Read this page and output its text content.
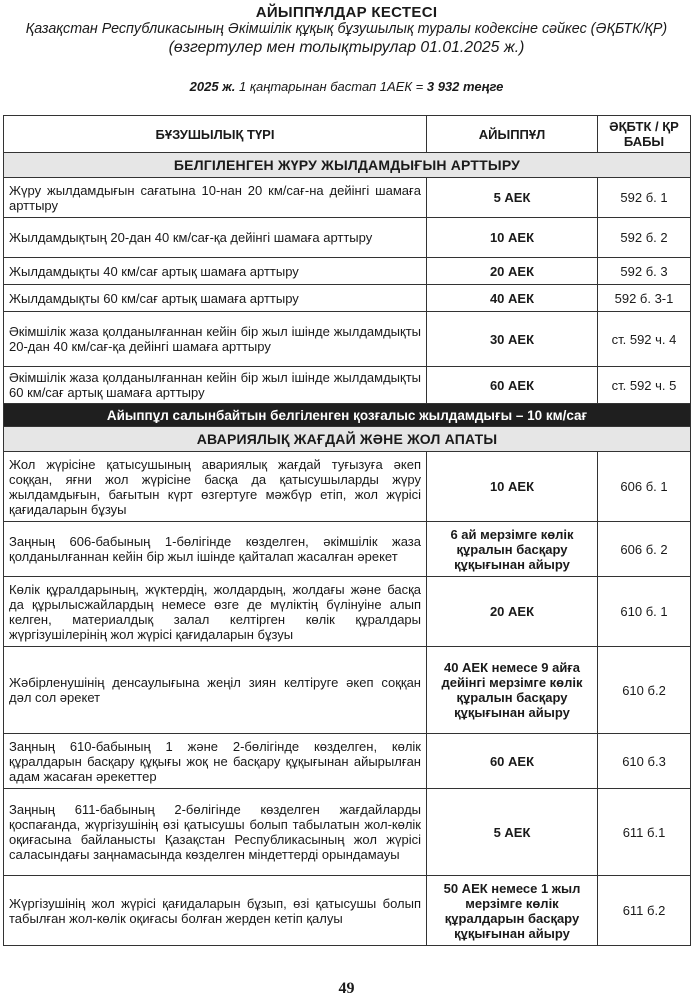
АЙЫППҰЛДАР КЕСТЕСІ
Қазақстан Республикасының Әкімшілік құқық бұзушылық туралы кодексіне сәйкес (ӘҚБТК/ҚР)
(өзгертулер мен толықтырулар 01.01.2025 ж.)
2025 ж. 1 қаңтарынан бастап 1АЕК = 3 932 теңге
БҰЗУШЫЛЫҚ ТҮРІ	АЙЫППҰЛ	ӘҚБТК / ҚР БАБЫ
БЕЛГІЛЕНГЕН ЖҮРУ ЖЫЛДАМДЫҒЫН АРТТЫРУ		
Жүру жылдамдығын сағатына 10-нан 20 км/сағ-на дейінгі шамаға арттыру	5 АЕК	592 б. 1
Жылдамдықтың 20-дан 40 км/сағ-қа дейінгі шамаға арттыру	10 АЕК	592 б. 2
Жылдамдықты 40 км/сағ артық шамаға арттыру	20 АЕК	592 б. 3
Жылдамдықты 60 км/сағ артық шамаға арттыру	40 АЕК	592 б. 3-1
Әкімшілік жаза қолданылғаннан кейін бір жыл ішінде жылдамдықты 20-дан 40 км/сағ-қа дейінгі шамаға арттыру	30 АЕК	ст. 592 ч. 4
Әкімшілік жаза қолданылғаннан кейін бір жыл ішінде жылдамдықты 60 км/сағ артық шамаға арттыру	60 АЕК	ст. 592 ч. 5
Айыппұл салынбайтын белгіленген қозғалыс жылдамдығы – 10 км/сағ		
АВАРИЯЛЫҚ ЖАҒДАЙ ЖӘНЕ ЖОЛ АПАТЫ		
Жол жүрісіне қатысушының авариялық жағдай туғызуға әкеп соққан, яғни жол жүрісіне басқа да қатысушыларды жүру жылдамдығын, бағытын күрт өзгертуге мәжбүр етіп, жол жүрісі қағидаларын бұзуы	10 АЕК	606 б. 1
Заңның 606-бабының 1-бөлігінде көзделген, әкімшілік жаза қолданылғаннан кейін бір жыл ішінде қайталап жасалған әрекет	6 ай мерзімге көлік құралын басқару құқығынан айыру	606 б. 2
Көлік құралдарының, жүктердің, жолдардың, жолдағы және басқа да құрылысжайлардың немесе өзге де мүліктің бүлінуіне алып келген, материалдық залал келтірген көлік құралдары жүргізушілерінің жол жүрісі қағидаларын бұзуы	20 АЕК	610 б. 1
Жәбірленушінің денсаулығына жеңіл зиян келтіруге әкеп соққан дәл сол әрекет	40 АЕК немесе 9 айға дейінгі мерзімге көлік құралын басқару құқығынан айыру	610 б.2
Заңның 610-бабының 1 және 2-бөлігінде көзделген, көлік құралдарын басқару құқығы жоқ не басқару құқығынан айырылған адам жасаған әрекеттер	60 АЕК	610 б.3
Заңның 611-бабының 2-бөлігінде көзделген жағдайларды қоспағанда, жүргізушінің өзі қатысушы болып табылатын жол-көлік оқиғасына байланысты Қазақстан Республикасының жол жүрісі саласындағы заңнамасында көзделген міндеттерді орындамауы	5 АЕК	611 б.1
Жүргізушінің жол жүрісі қағидаларын бұзып, өзі қатысушы болып табылған жол-көлік оқиғасы болған жерден кетіп қалуы	50 АЕК немесе 1 жыл мерзімге көлік құралдарын басқару құқығынан айыру	611 б.2
49
